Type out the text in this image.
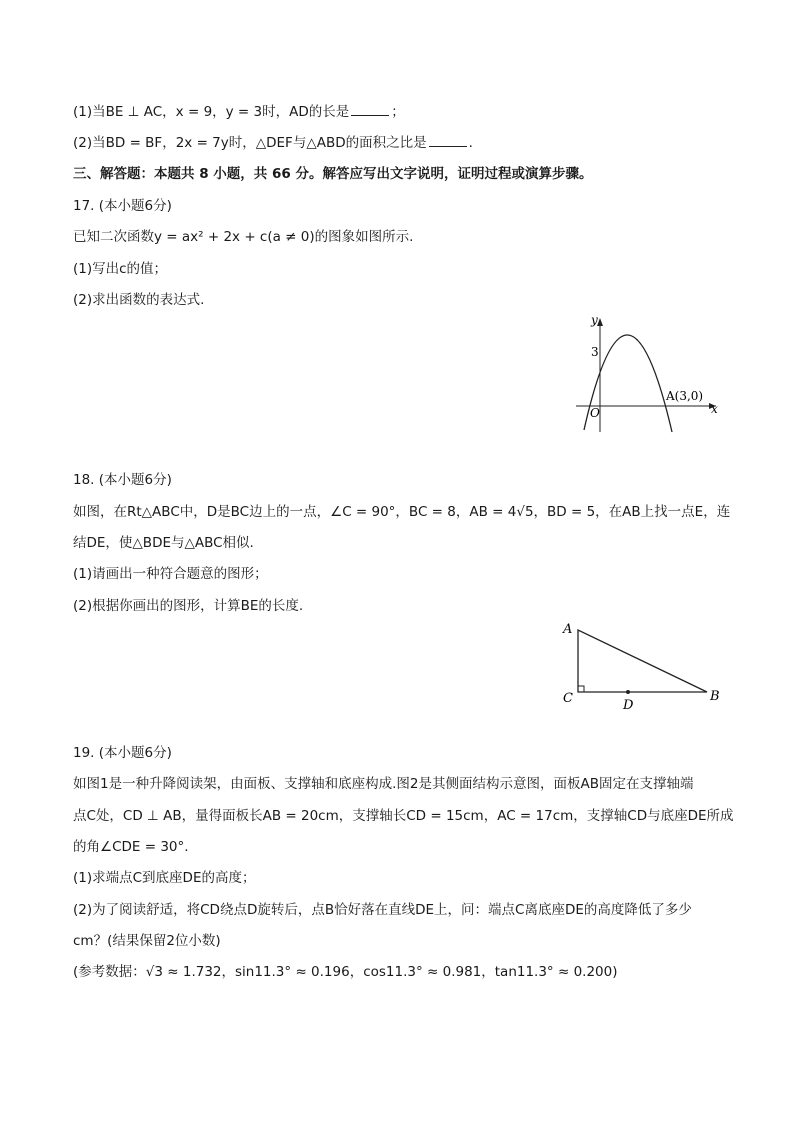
(1)当BE ⊥ AC，x = 9，y = 3时，AD的长是	；
(2)当BD = BF，2x = 7y时，△DEF与△ABD的面积之比是	.
三、解答题：本题共 8 小题，共 66 分。解答应写出文字说明，证明过程或演算步骤。
17. (本小题6分)
已知二次函数y = ax² + 2x + c(a ≠ 0)的图象如图所示.
(1)写出c的值；
(2)求出函数的表达式.
y
x
O
3
A(3,0)
18. (本小题6分)
如图，在Rt△ABC中，D是BC边上的一点，∠C = 90°，BC = 8，AB = 4√5，BD = 5，在AB上找一点E，连
结DE，使△BDE与△ABC相似.
(1)请画出一种符合题意的图形；
(2)根据你画出的图形，计算BE的长度.
A
C	B
D
19. (本小题6分)
如图1是一种升降阅读架，由面板、支撑轴和底座构成.图2是其侧面结构示意图，面板AB固定在支撑轴端
点C处，CD ⊥ AB，量得面板长AB = 20cm，支撑轴长CD = 15cm，AC = 17cm，支撑轴CD与底座DE所成
的角∠CDE = 30°.
(1)求端点C到底座DE的高度；
(2)为了阅读舒适，将CD绕点D旋转后，点B恰好落在直线DE上，问：端点C离底座DE的高度降低了多少
cm？(结果保留2位小数)
(参考数据：√3 ≈ 1.732，sin11.3° ≈ 0.196，cos11.3° ≈ 0.981，tan11.3° ≈ 0.200)
